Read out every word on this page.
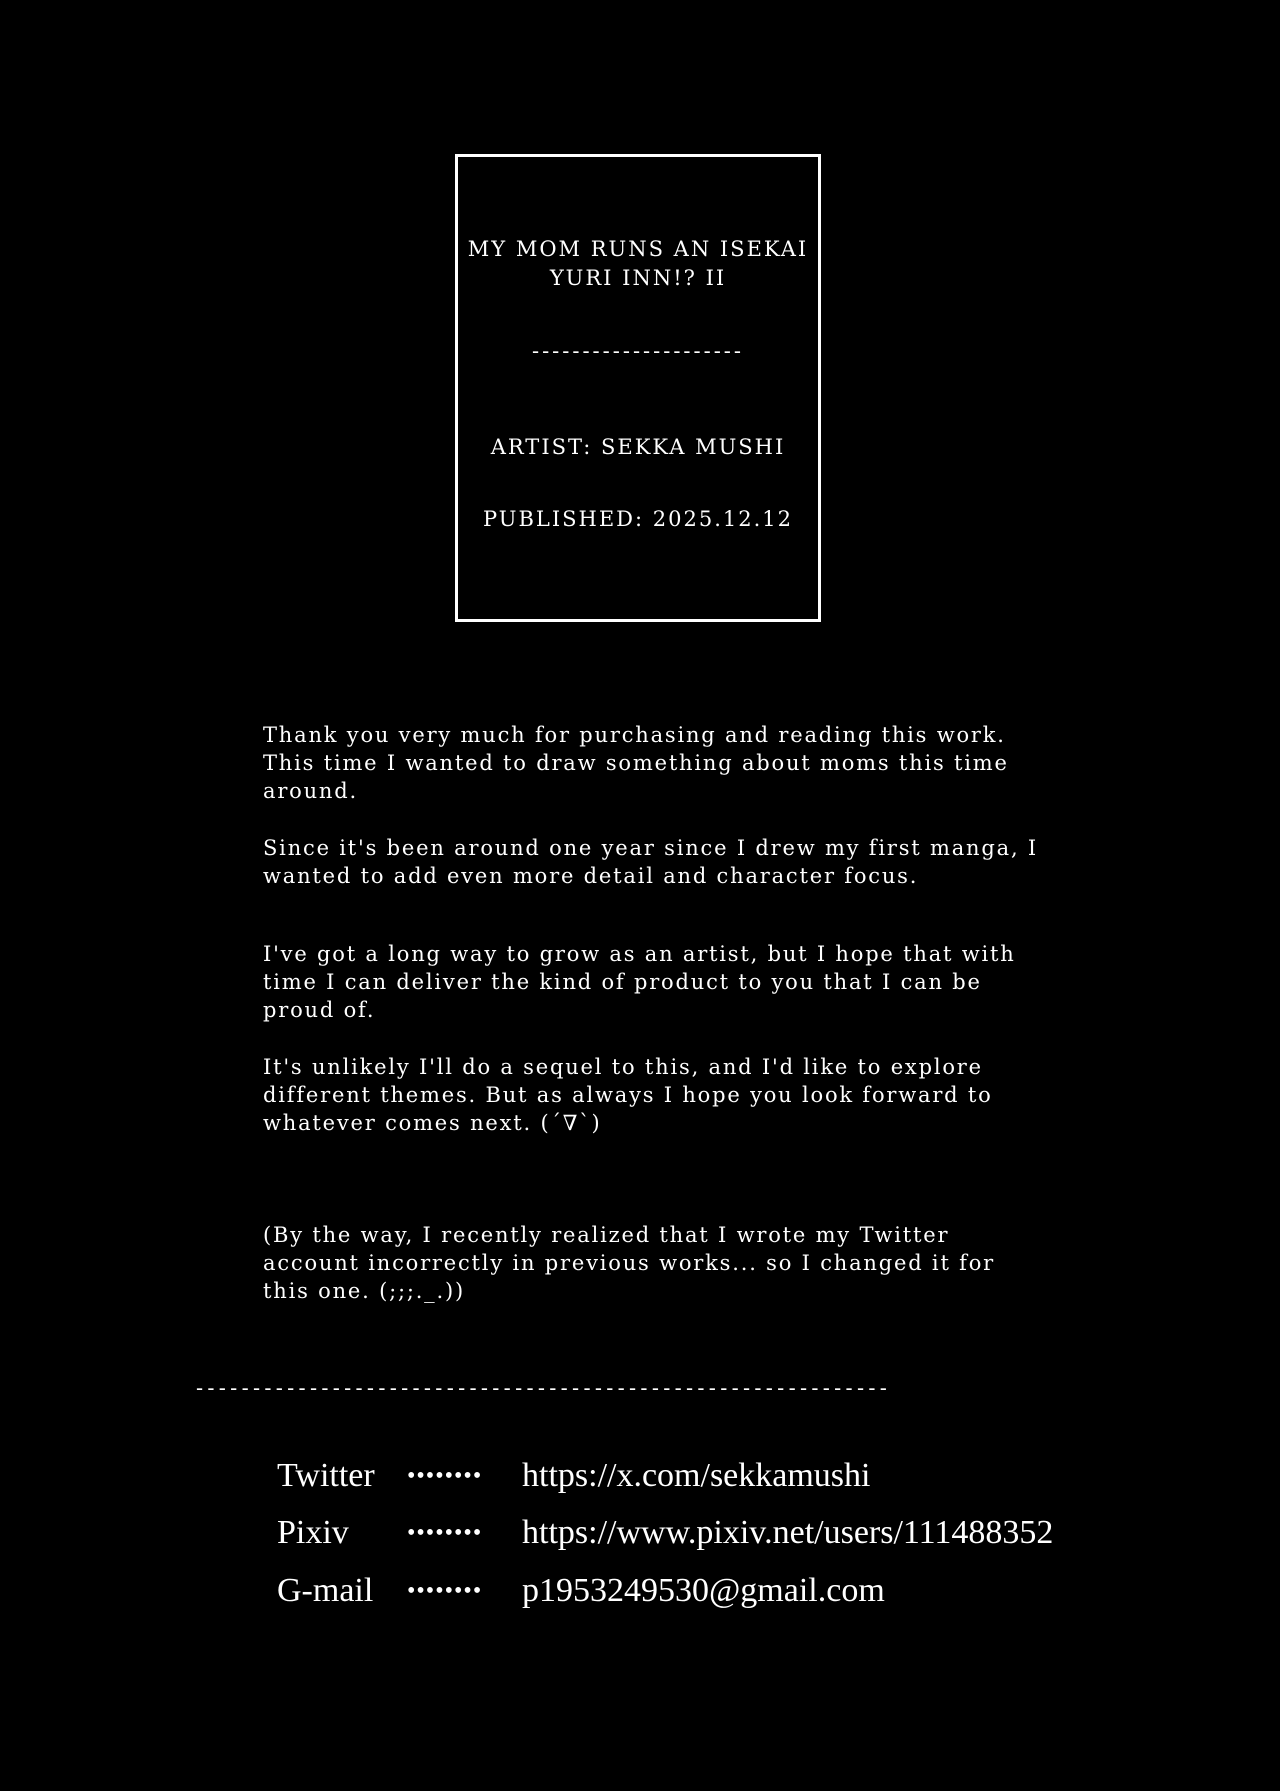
MY MOM RUNS AN ISEKAI
YURI INN!? II
---------------------
ARTIST: SEKKA MUSHI
PUBLISHED: 2025.12.12
Thank you very much for purchasing and reading this work.
This time I wanted to draw something about moms this time
around.
Since it's been around one year since I drew my first manga, I
wanted to add even more detail and character focus.
I've got a long way to grow as an artist, but I hope that with
time I can deliver the kind of product to you that I can be
proud of.
It's unlikely I'll do a sequel to this, and I'd like to explore
different themes. But as always I hope you look forward to
whatever comes next. (´∇`)
(By the way, I recently realized that I wrote my Twitter
account incorrectly in previous works... so I changed it for
this one. (;;;._.))
-------------------------------------------------------------
Twitter •••••••• https://x.com/sekkamushi
Pixiv •••••••• https://www.pixiv.net/users/111488352
G-mail •••••••• p1953249530@gmail.com
